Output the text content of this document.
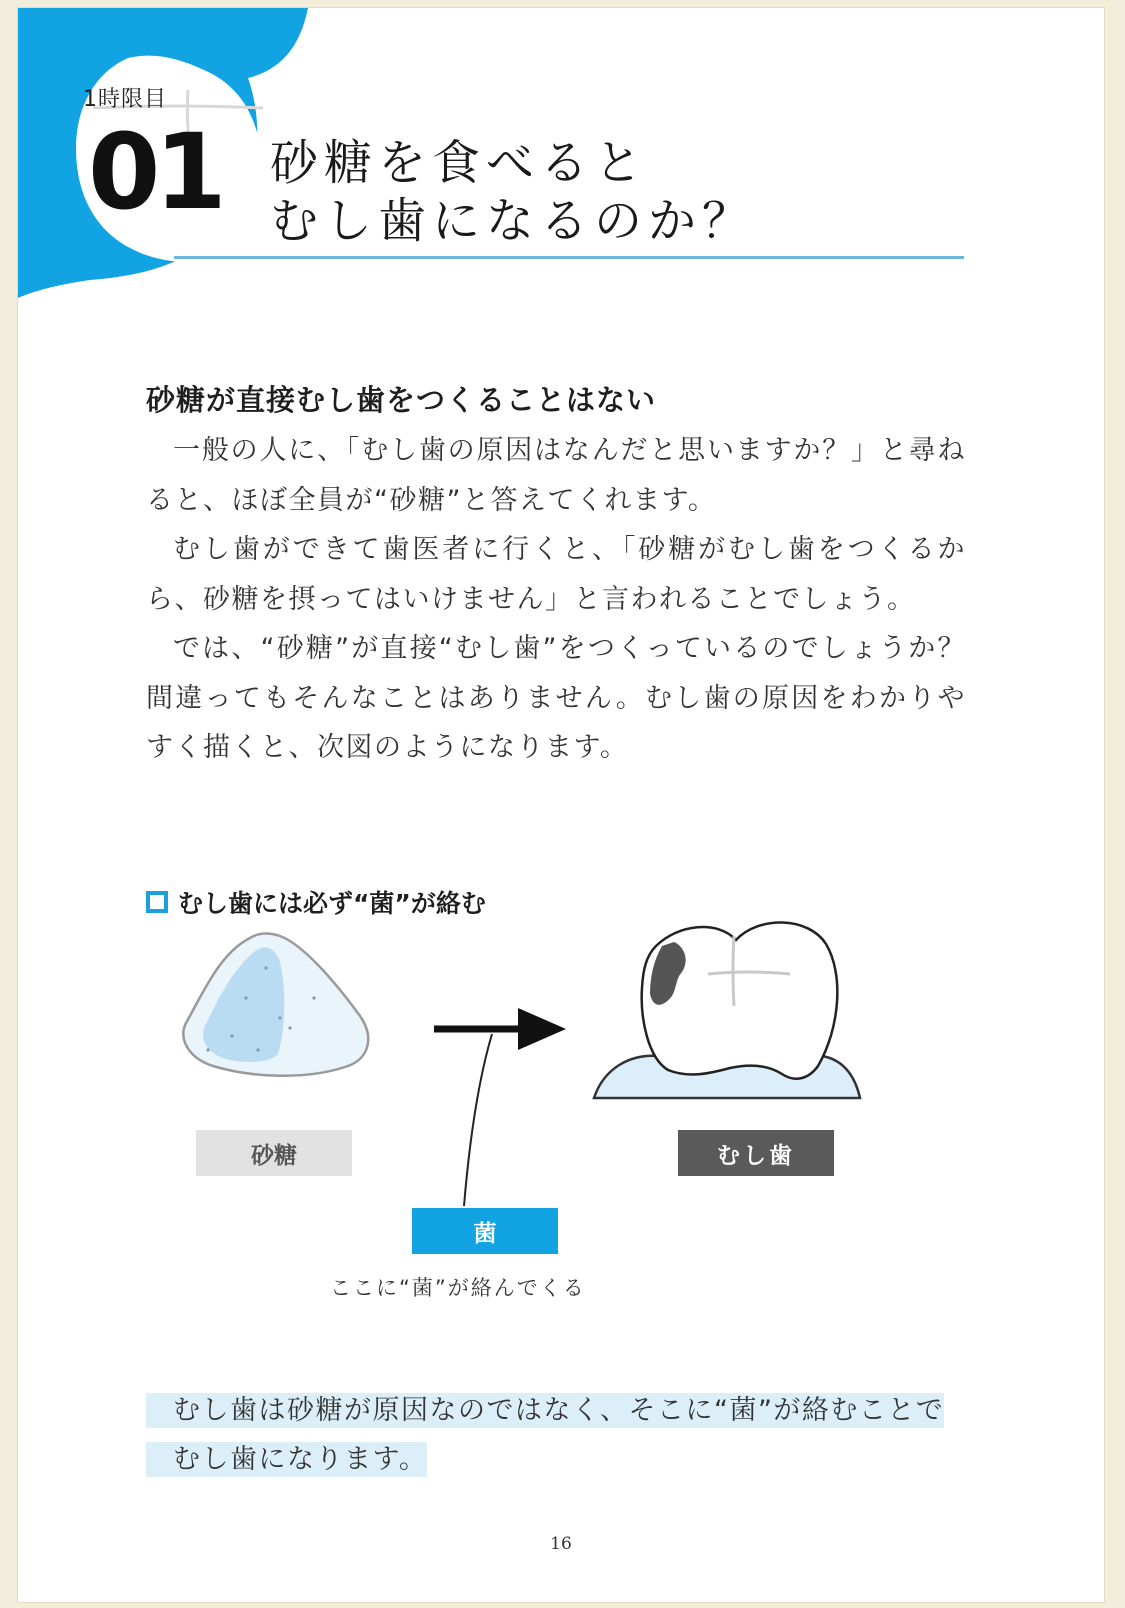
1時限目
01 砂糖を食べると
むし歯になるのか？
砂糖が直接むし歯をつくることはない

一般の人に、「むし歯の原因はなんだと思いますか？」と尋ねると、ほぼ全員が“砂糖”と答えてくれます。

むし歯ができて歯医者に行くと、「砂糖がむし歯をつくるから、砂糖を摂ってはいけません」と言われることでしょう。

では、“砂糖”が直接“むし歯”をつくっているのでしょうか？　間違ってもそんなことはありません。むし歯の原因をわかりやすく描くと、次図のようになります。

むし歯には必ず“菌”が絡む
砂糖	むし歯
菌
ここに“菌”が絡んでくる
むし歯は砂糖が原因なのではなく、そこに“菌”が絡むことでむし歯になります。
16
